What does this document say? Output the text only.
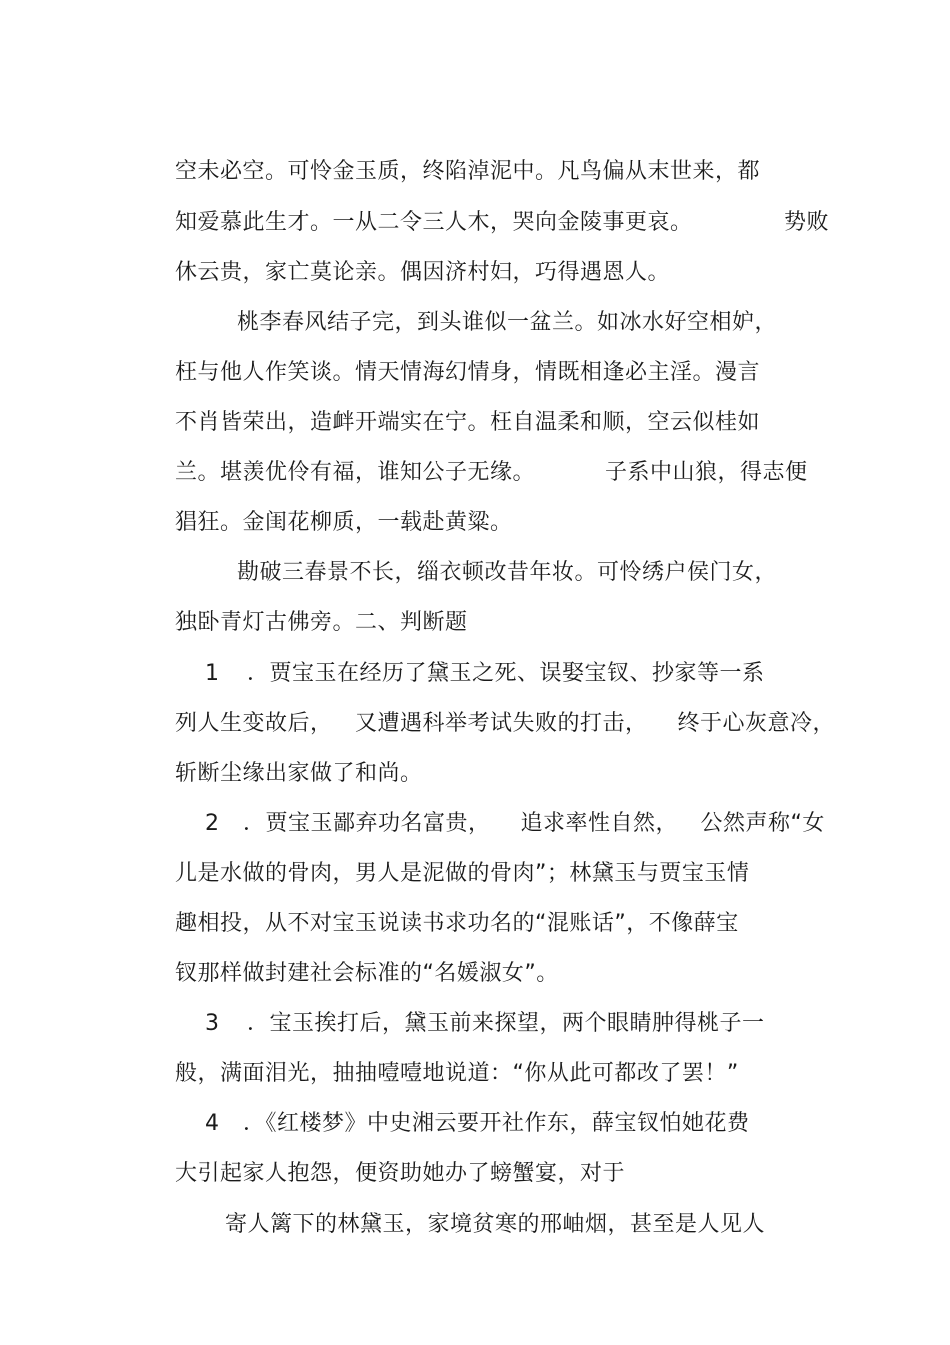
空未必空。可怜金玉质，终陷淖泥中。凡鸟偏从末世来，都

知爱慕此生才。一从二令三人木，哭向金陵事更哀。
	势败

休云贵，家亡莫论亲。偶因济村妇，巧得遇恩人。

桃李春风结子完，到头谁似一盆兰。如冰水好空相妒，

枉与他人作笑谈。情天情海幻情身，情既相逢必主淫。漫言

不肖皆荣出，造衅开端实在宁。枉自温柔和顺，空云似桂如

兰。堪羡优伶有福，谁知公子无缘。
	子系中山狼，得志便

猖狂。金闺花柳质，一载赴黄粱。

勘破三春景不长，缁衣顿改昔年妆。可怜绣户侯门女，

独卧青灯古佛旁。二、判断题

1
	．贾宝玉在经历了黛玉之死、误娶宝钗、抄家等一系

列人生变故后，   又遭遇科举考试失败的打击，    终于心灰意冷，

斩断尘缘出家做了和尚。

2
	．贾宝玉鄙弃功名富贵，    追求率性自然，   公然声称“女

儿是水做的骨肉，男人是泥做的骨肉”；林黛玉与贾宝玉情

趣相投，从不对宝玉说读书求功名的“混账话”，不像薛宝

钗那样做封建社会标准的“名媛淑女”。

3
	．宝玉挨打后，黛玉前来探望，两个眼睛肿得桃子一

般，满面泪光，抽抽噎噎地说道：“你从此可都改了罢！”

4
	．《红楼梦》中史湘云要开社作东，薛宝钗怕她花费

大引起家人抱怨，便资助她办了螃蟹宴，对于

寄人篱下的林黛玉，家境贫寒的邢岫烟，甚至是人见人
